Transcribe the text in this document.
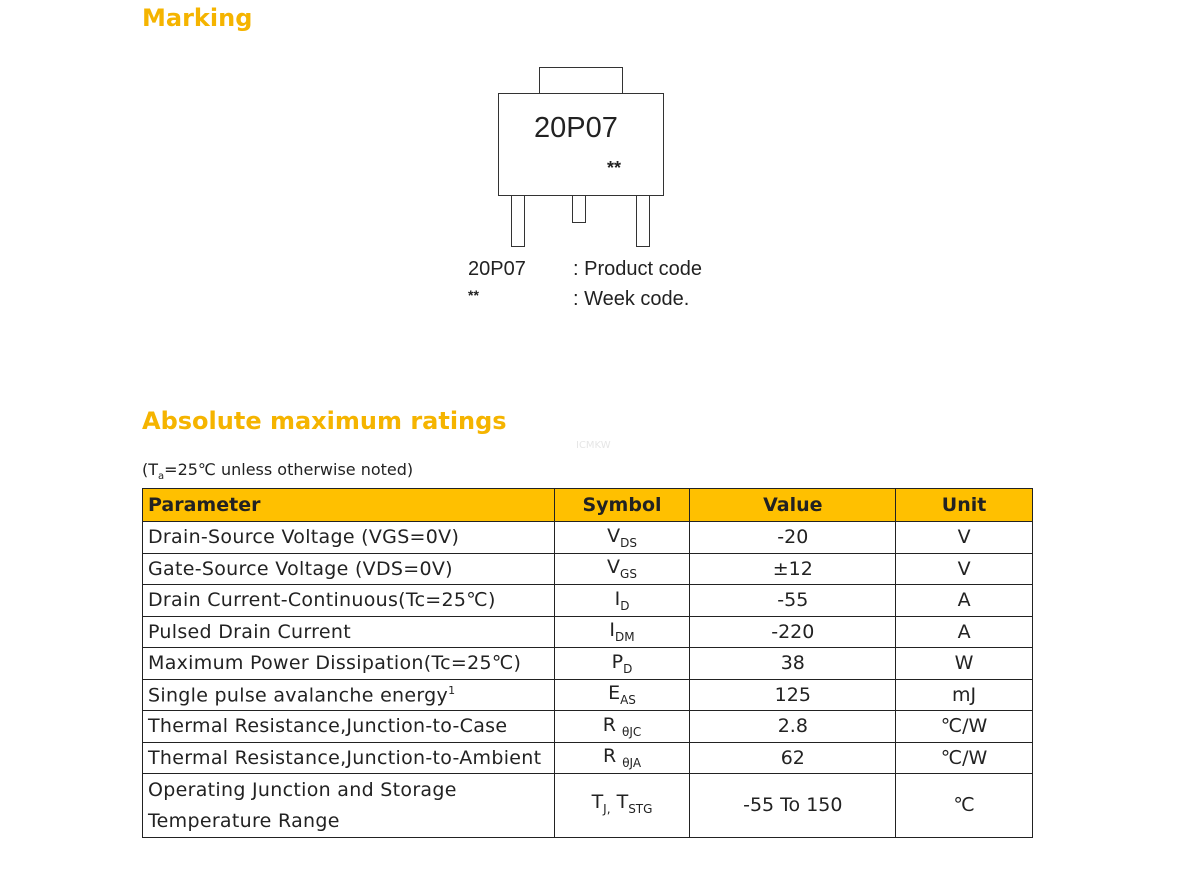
Marking
20P07
**
20P07 : Product code
**	: Week code.
Absolute maximum ratings
ICMKW
($T_a=25℃$ unless otherwise noted)
Parameter	Symbol	Value	Unit
Drain-Source Voltage (VGS=0V)	$V_{DS}$	-20	V
Gate-Source Voltage (VDS=0V)	$V_{GS}$	±12	V
Drain Current-Continuous(Tc=25℃)	$I_D$	-55	A
Pulsed Drain Current	$I_{DM}$	-220	A
Maximum Power Dissipation(Tc=25℃)	$P_D$	38	W
Single pulse avalanche energy$^1$	$E_{AS}$	125	mJ
Thermal Resistance,Junction-to-Case	R $_{\theta JC}$	2.8	℃/W
Thermal Resistance,Junction-to-Ambient	R $_{\theta JA}$	62	℃/W

Operating Junction and Storage
Temperature Range	$T_{J,}$ $T_{STG}$	-55 To 150	℃
